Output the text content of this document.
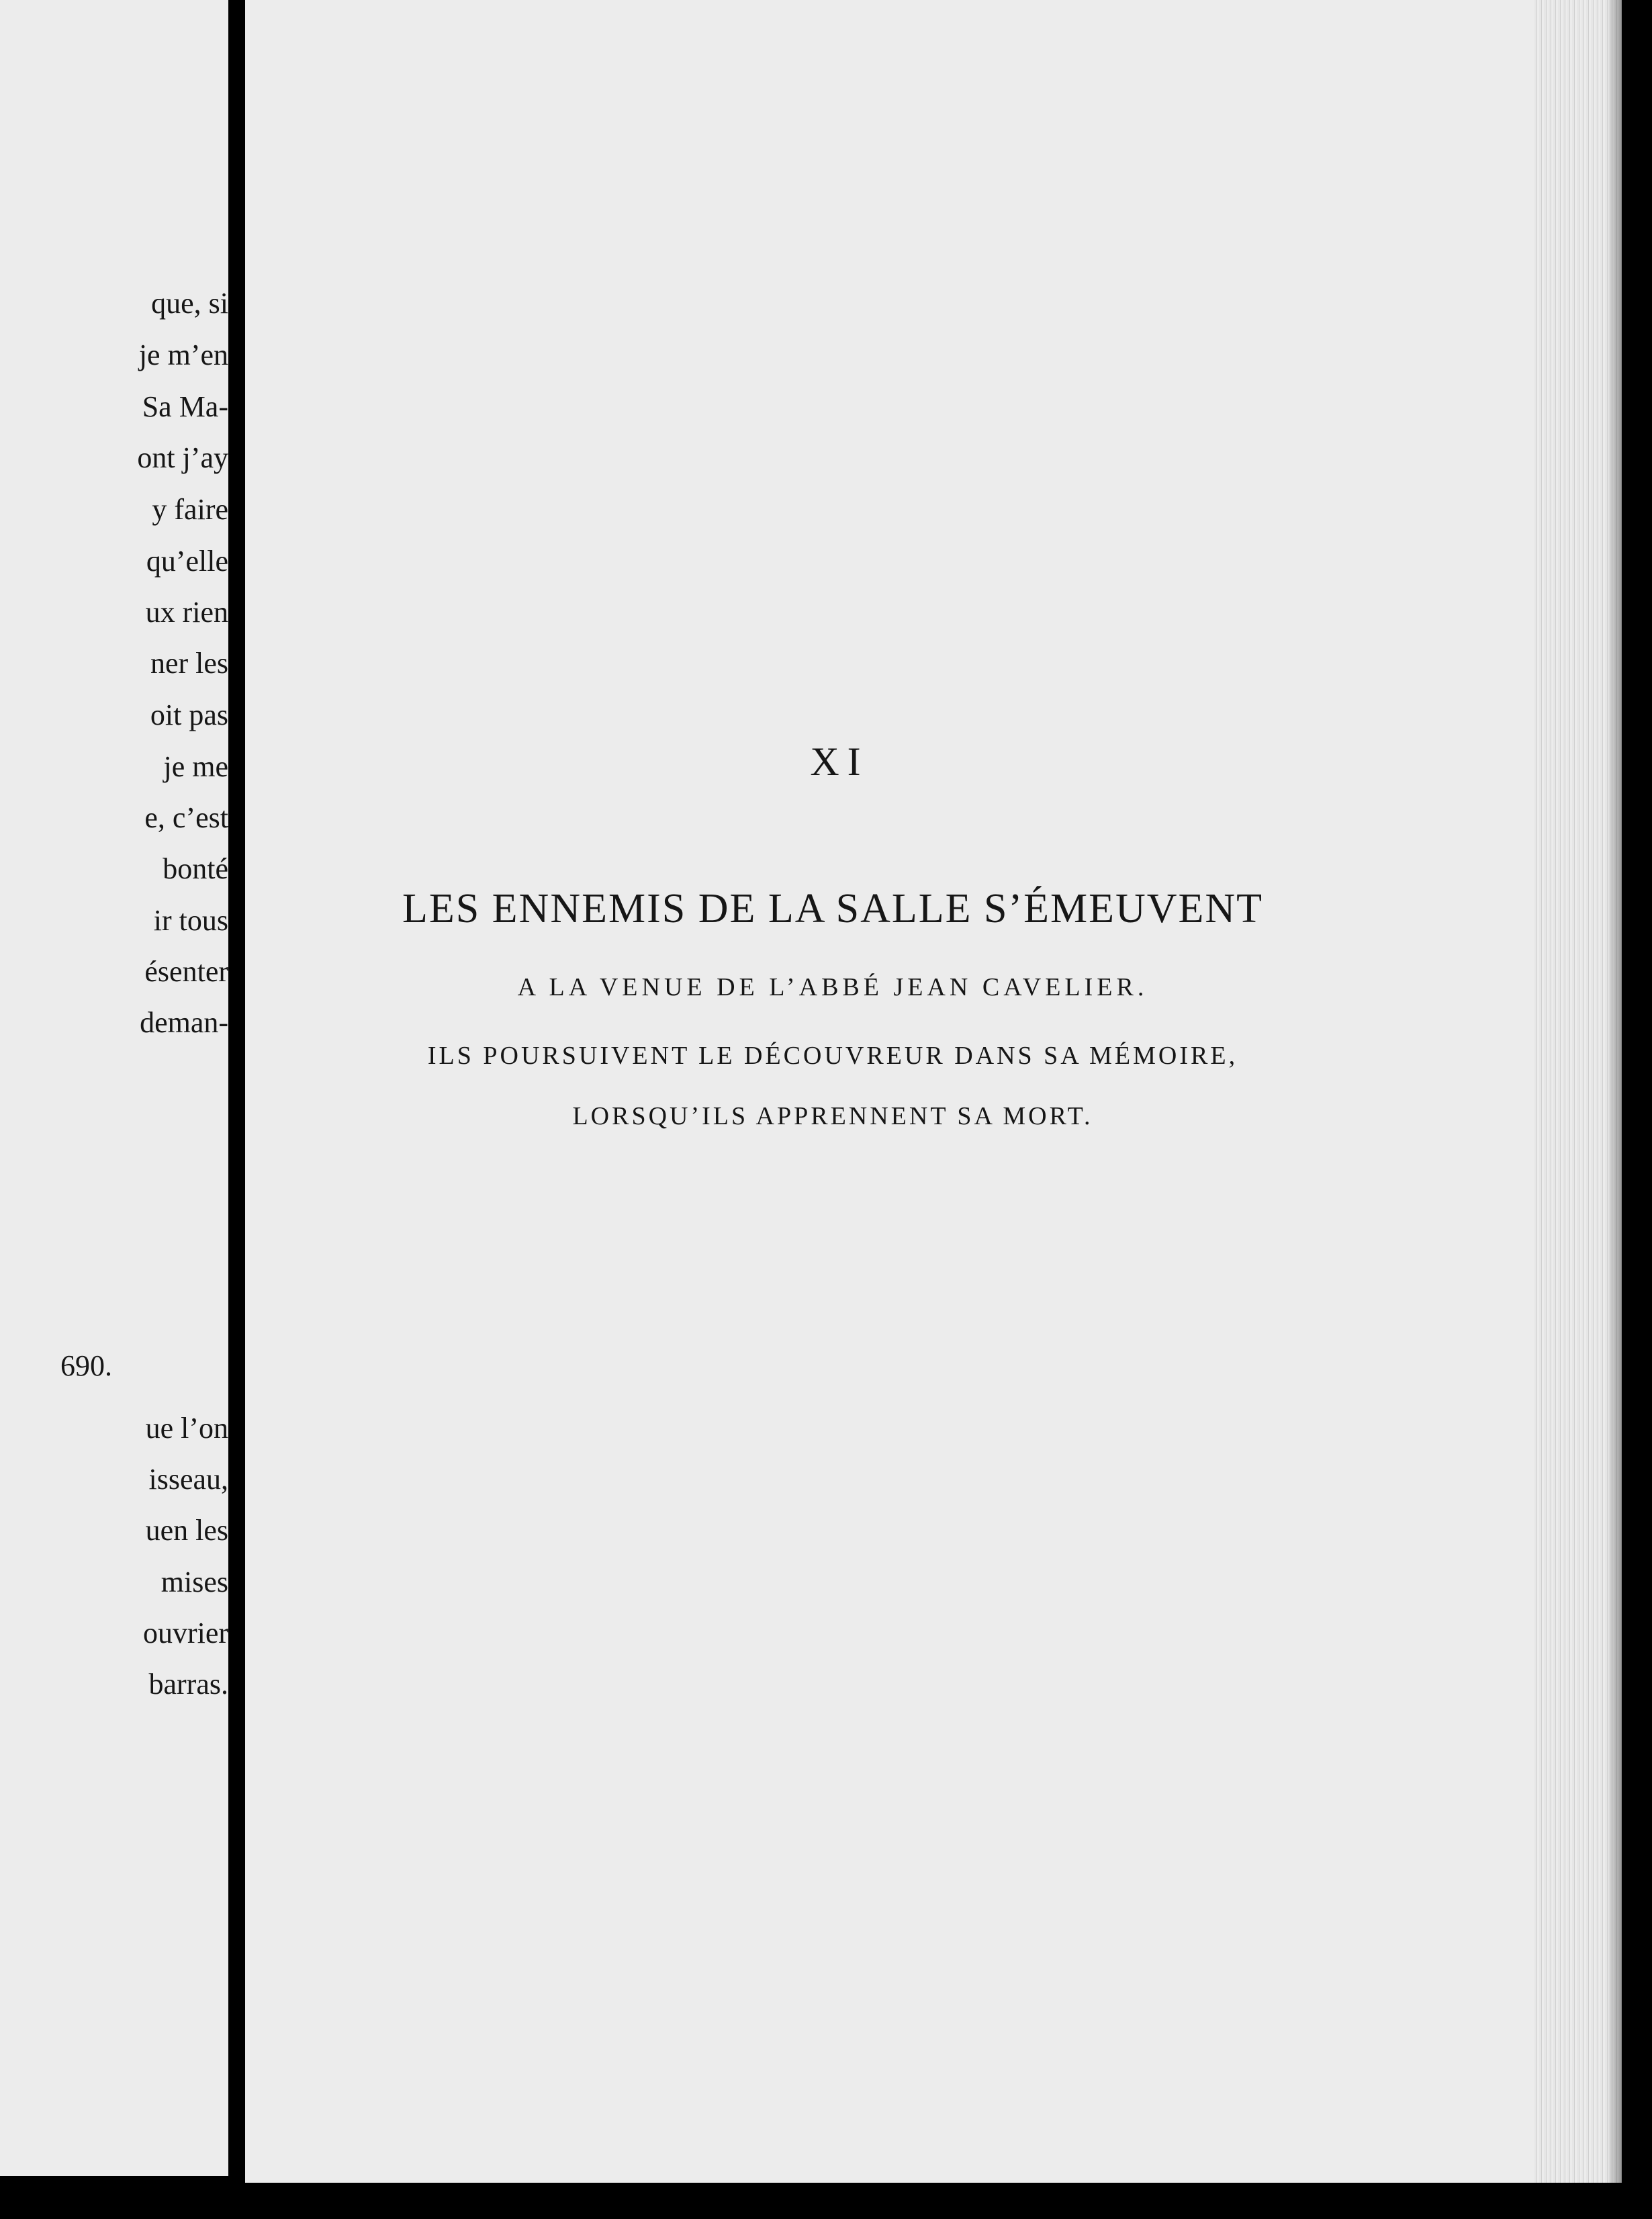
que, si
je m’en
Sa Ma-
ont j’ay
y faire
qu’elle
ux rien
ner les
oit pas
je me
e, c’est
bonté
ir tous
ésenter
deman-
690.
ue l’on
isseau,
uen les
mises
ouvrier
barras.
XI
LES ENNEMIS DE LA SALLE S’ÉMEUVENT
A LA VENUE DE L’ABBÉ JEAN CAVELIER.
ILS POURSUIVENT LE DÉCOUVREUR DANS SA MÉMOIRE,
LORSQU’ILS APPRENNENT SA MORT.
